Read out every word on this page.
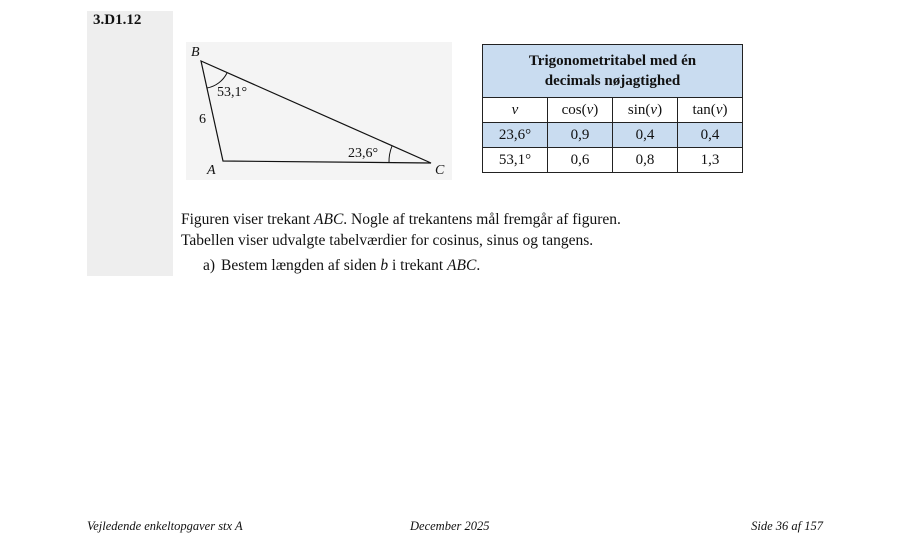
3.D1.12
B
A	C
6
53,1°
23,6°
Trigonometritabel med én
decimals nøjagtighed			
v	cos(v)	sin(v)	tan(v)
23,6°	0,9	0,4	0,4
53,1°	0,6	0,8	1,3
Figuren viser trekant ABC. Nogle af trekantens mål fremgår af figuren.
Tabellen viser udvalgte tabelværdier for cosinus, sinus og tangens.
a) Bestem længden af siden b i trekant ABC.
Vejledende enkeltopgaver stx A	December 2025	Side 36 af 157
